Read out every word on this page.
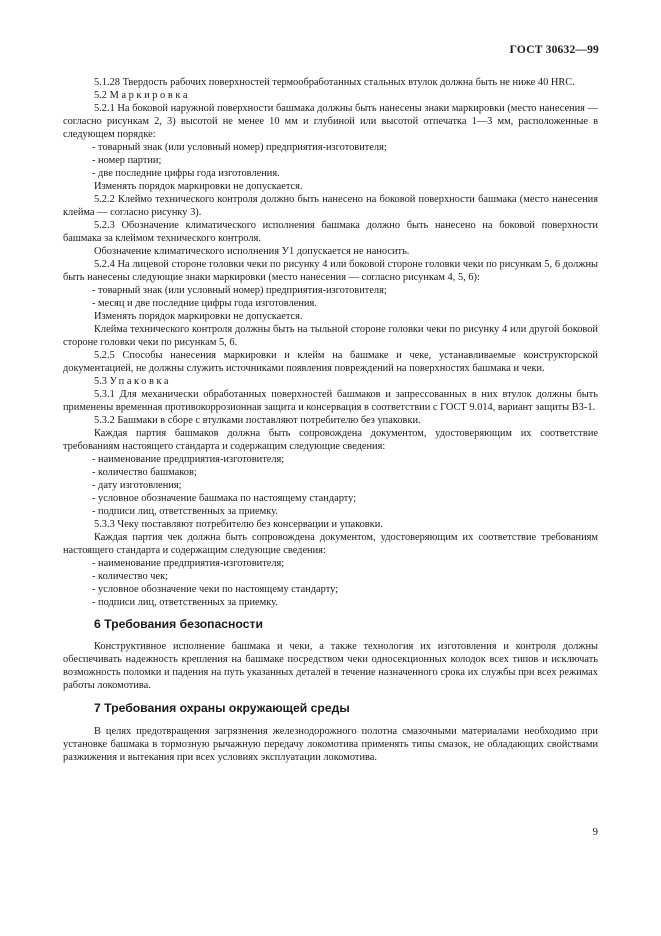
ГОСТ 30632—99

5.1.28 Твердость рабочих поверхностей термообработанных стальных втулок должна быть не ниже 40 HRC.

5.2 Маркировка

5.2.1 На боковой наружной поверхности башмака должны быть нанесены знаки маркировки (место нанесения — согласно рисункам 2, 3) высотой не менее 10 мм и глубиной или высотой отпечатка 1—3 мм, расположенные в следующем порядке:

- товарный знак (или условный номер) предприятия-изготовителя;

- номер партии;

- две последние цифры года изготовления.

Изменять порядок маркировки не допускается.

5.2.2 Клеймо технического контроля должно быть нанесено на боковой поверхности башмака (место нанесения клейма — согласно рисунку 3).

5.2.3 Обозначение климатического исполнения башмака должно быть нанесено на боковой поверхности башмака за клеймом технического контроля.

Обозначение климатического исполнения У1 допускается не наносить.

5.2.4 На лицевой стороне головки чеки по рисунку 4 или боковой стороне головки чеки по рисункам 5, 6 должны быть нанесены следующие знаки маркировки (место нанесения — согласно рисункам 4, 5, 6):

- товарный знак (или условный номер) предприятия-изготовителя;

- месяц и две последние цифры года изготовления.

Изменять порядок маркировки не допускается.

Клейма технического контроля должны быть на тыльной стороне головки чеки по рисунку 4 или другой боковой стороне головки чеки по рисункам 5, 6.

5.2.5 Способы нанесения маркировки и клейм на башмаке и чеке, устанавливаемые конструкторской документацией, не должны служить источниками появления повреждений на поверхностях башмака и чеки.

5.3 Упаковка

5.3.1 Для механически обработанных поверхностей башмаков и запрессованных в них втулок должны быть применены временная противокоррозионная защита и консервация в соответствии с ГОСТ 9.014, вариант защиты В3-1.

5.3.2 Башмаки в сборе с втулками поставляют потребителю без упаковки.

Каждая партия башмаков должна быть сопровождена документом, удостоверяющим их соответствие требованиям настоящего стандарта и содержащим следующие сведения:

- наименование предприятия-изготовителя;

- количество башмаков;

- дату изготовления;

- условное обозначение башмака по настоящему стандарту;

- подписи лиц, ответственных за приемку.

5.3.3 Чеку поставляют потребителю без консервации и упаковки.

Каждая партия чек должна быть сопровождена документом, удостоверяющим их соответствие требованиям настоящего стандарта и содержащим следующие сведения:

- наименование предприятия-изготовителя;

- количество чек;

- условное обозначение чеки по настоящему стандарту;

- подписи лиц, ответственных за приемку.

6 Требования безопасности

Конструктивное исполнение башмака и чеки, а также технология их изготовления и контроля должны обеспечивать надежность крепления на башмаке посредством чеки односекционных колодок всех типов и исключать возможность поломки и падения на путь указанных деталей в течение назначенного срока их службы при всех режимах работы локомотива.

7 Требования охраны окружающей среды

В целях предотвращения загрязнения железнодорожного полотна смазочными материалами необходимо при установке башмака в тормозную рычажную передачу локомотива применять типы смазок, не обладающих свойствами разжижения и вытекания при всех условиях эксплуатации локомотива.

9
